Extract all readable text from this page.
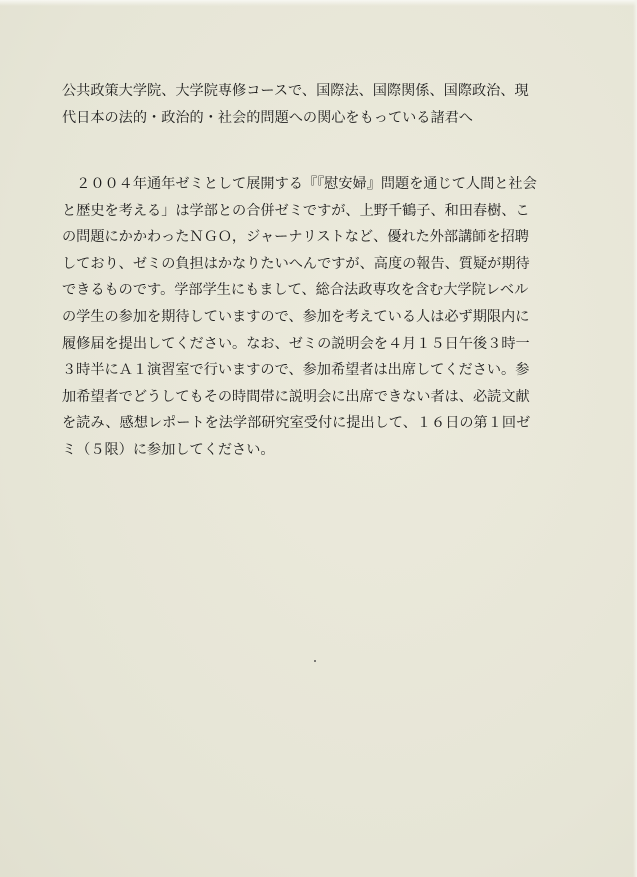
公共政策大学院、大学院専修コースで、国際法、国際関係、国際政治、現
代日本の法的・政治的・社会的問題への関心をもっている諸君へ
　２００４年通年ゼミとして展開する『『慰安婦』問題を通じて人間と社会
と歴史を考える」は学部との合併ゼミですが、上野千鶴子、和田春樹、こ
の問題にかかわったＮＧＯ，ジャーナリストなど、優れた外部講師を招聘
しており、ゼミの負担はかなりたいへんですが、高度の報告、質疑が期待
できるものです。学部学生にもまして、総合法政専攻を含む大学院レベル
の学生の参加を期待していますので、参加を考えている人は必ず期限内に
履修届を提出してください。なお、ゼミの説明会を４月１５日午後３時一
３時半にＡ１演習室で行いますので、参加希望者は出席してください。参
加希望者でどうしてもその時間帯に説明会に出席できない者は、必読文献
を読み、感想レポートを法学部研究室受付に提出して、１６日の第１回ゼ
ミ（５限）に参加してください。
